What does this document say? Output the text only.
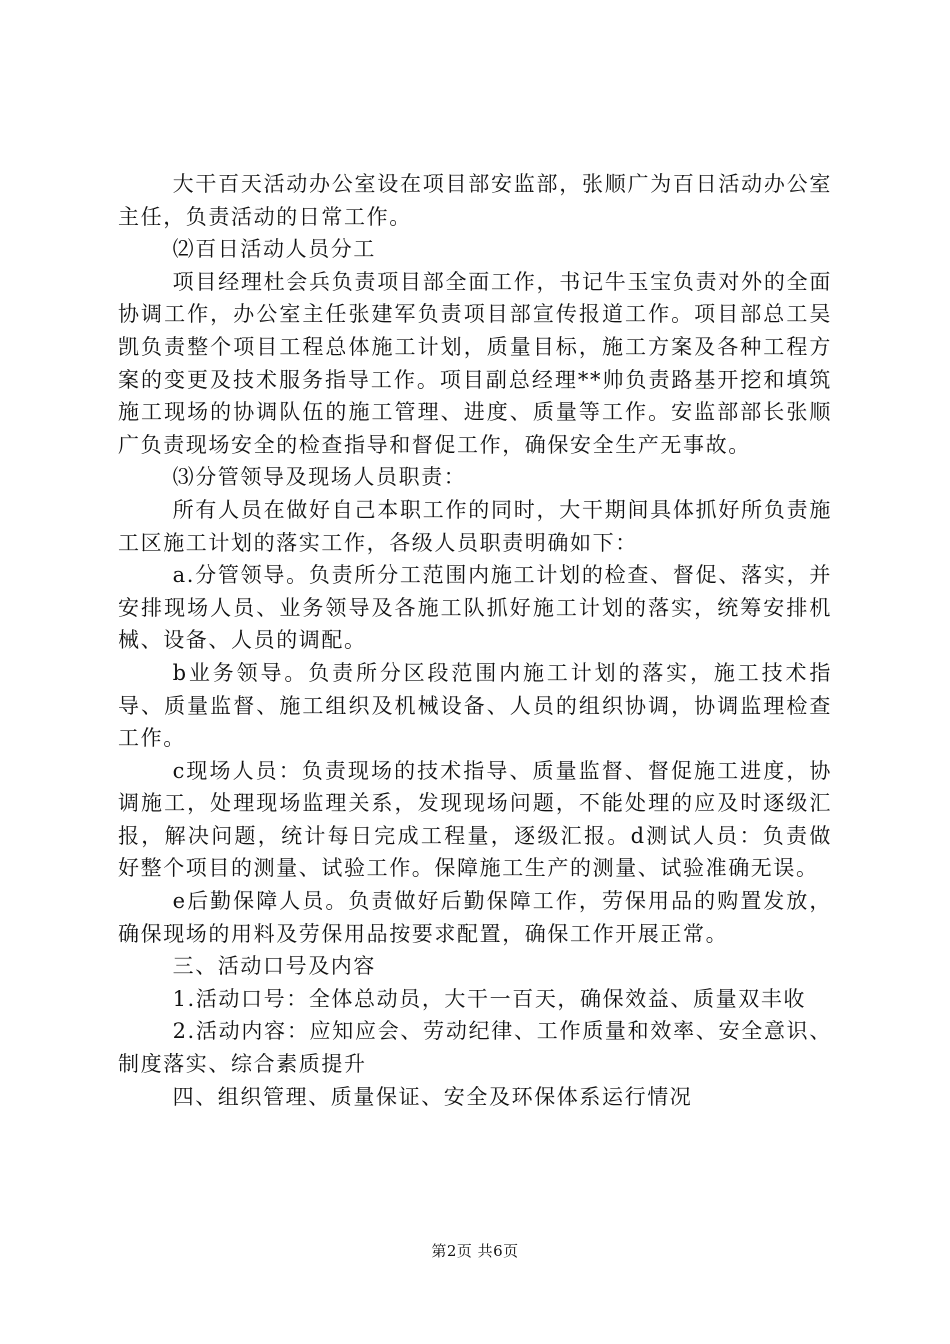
大干百天活动办公室设在项目部安监部，张顺广为百日活动办公室主任，负责活动的日常工作。

⑵百日活动人员分工

项目经理杜会兵负责项目部全面工作，书记牛玉宝负责对外的全面协调工作，办公室主任张建军负责项目部宣传报道工作。项目部总工吴凯负责整个项目工程总体施工计划，质量目标，施工方案及各种工程方案的变更及技术服务指导工作。项目副总经理**帅负责路基开挖和填筑施工现场的协调队伍的施工管理、进度、质量等工作。安监部部长张顺广负责现场安全的检查指导和督促工作，确保安全生产无事故。

⑶分管领导及现场人员职责：

所有人员在做好自己本职工作的同时，大干期间具体抓好所负责施工区施工计划的落实工作，各级人员职责明确如下：

a.分管领导。负责所分工范围内施工计划的检查、督促、落实，并安排现场人员、业务领导及各施工队抓好施工计划的落实，统筹安排机械、设备、人员的调配。

b业务领导。负责所分区段范围内施工计划的落实，施工技术指导、质量监督、施工组织及机械设备、人员的组织协调，协调监理检查工作。

c现场人员：负责现场的技术指导、质量监督、督促施工进度，协调施工，处理现场监理关系，发现现场问题，不能处理的应及时逐级汇报，解决问题，统计每日完成工程量，逐级汇报。d测试人员：负责做好整个项目的测量、试验工作。保障施工生产的测量、试验准确无误。

e后勤保障人员。负责做好后勤保障工作，劳保用品的购置发放，确保现场的用料及劳保用品按要求配置，确保工作开展正常。

三、活动口号及内容

1.活动口号：全体总动员，大干一百天，确保效益、质量双丰收

2.活动内容：应知应会、劳动纪律、工作质量和效率、安全意识、制度落实、综合素质提升

四、组织管理、质量保证、安全及环保体系运行情况

第2页 共6页
